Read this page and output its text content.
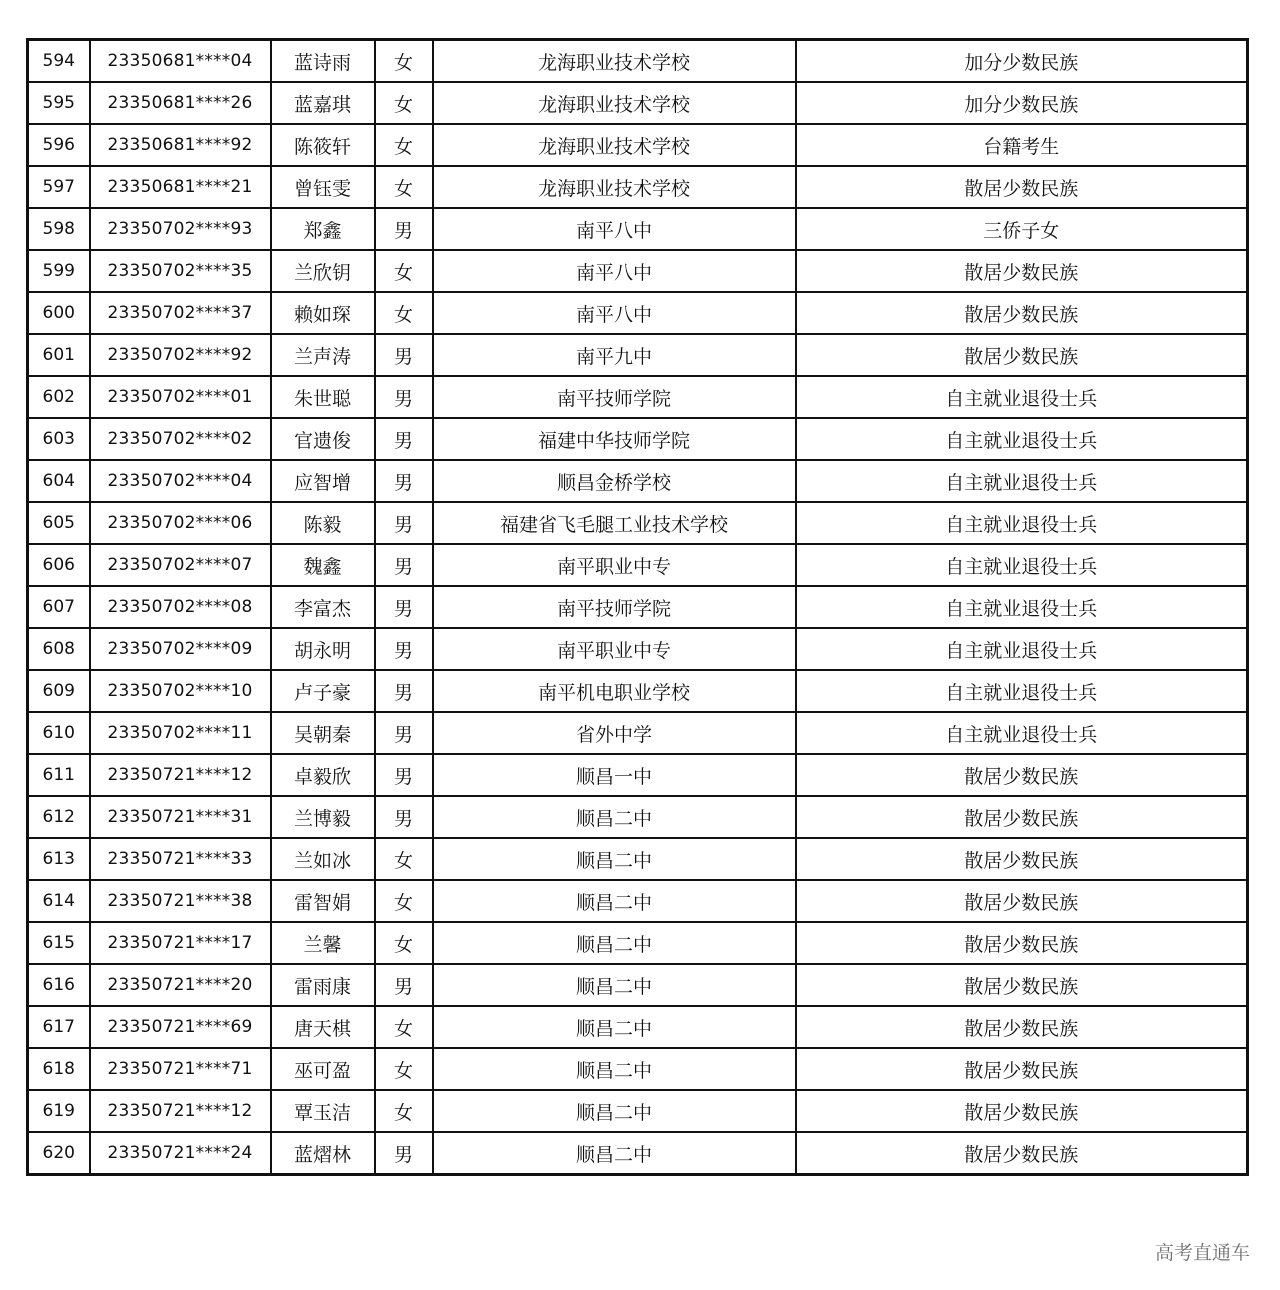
594	23350681****04	蓝诗雨	女	龙海职业技术学校	加分少数民族
595	23350681****26	蓝嘉琪	女	龙海职业技术学校	加分少数民族
596	23350681****92	陈筱轩	女	龙海职业技术学校	台籍考生
597	23350681****21	曾钰雯	女	龙海职业技术学校	散居少数民族
598	23350702****93	郑鑫	男	南平八中	三侨子女
599	23350702****35	兰欣钥	女	南平八中	散居少数民族
600	23350702****37	赖如琛	女	南平八中	散居少数民族
601	23350702****92	兰声涛	男	南平九中	散居少数民族
602	23350702****01	朱世聪	男	南平技师学院	自主就业退役士兵
603	23350702****02	官遗俊	男	福建中华技师学院	自主就业退役士兵
604	23350702****04	应智增	男	顺昌金桥学校	自主就业退役士兵
605	23350702****06	陈毅	男	福建省飞毛腿工业技术学校	自主就业退役士兵
606	23350702****07	魏鑫	男	南平职业中专	自主就业退役士兵
607	23350702****08	李富杰	男	南平技师学院	自主就业退役士兵
608	23350702****09	胡永明	男	南平职业中专	自主就业退役士兵
609	23350702****10	卢子豪	男	南平机电职业学校	自主就业退役士兵
610	23350702****11	吴朝秦	男	省外中学	自主就业退役士兵
611	23350721****12	卓毅欣	男	顺昌一中	散居少数民族
612	23350721****31	兰博毅	男	顺昌二中	散居少数民族
613	23350721****33	兰如冰	女	顺昌二中	散居少数民族
614	23350721****38	雷智娟	女	顺昌二中	散居少数民族
615	23350721****17	兰馨	女	顺昌二中	散居少数民族
616	23350721****20	雷雨康	男	顺昌二中	散居少数民族
617	23350721****69	唐天棋	女	顺昌二中	散居少数民族
618	23350721****71	巫可盈	女	顺昌二中	散居少数民族
619	23350721****12	覃玉洁	女	顺昌二中	散居少数民族
620	23350721****24	蓝熠林	男	顺昌二中	散居少数民族
高考直通车
